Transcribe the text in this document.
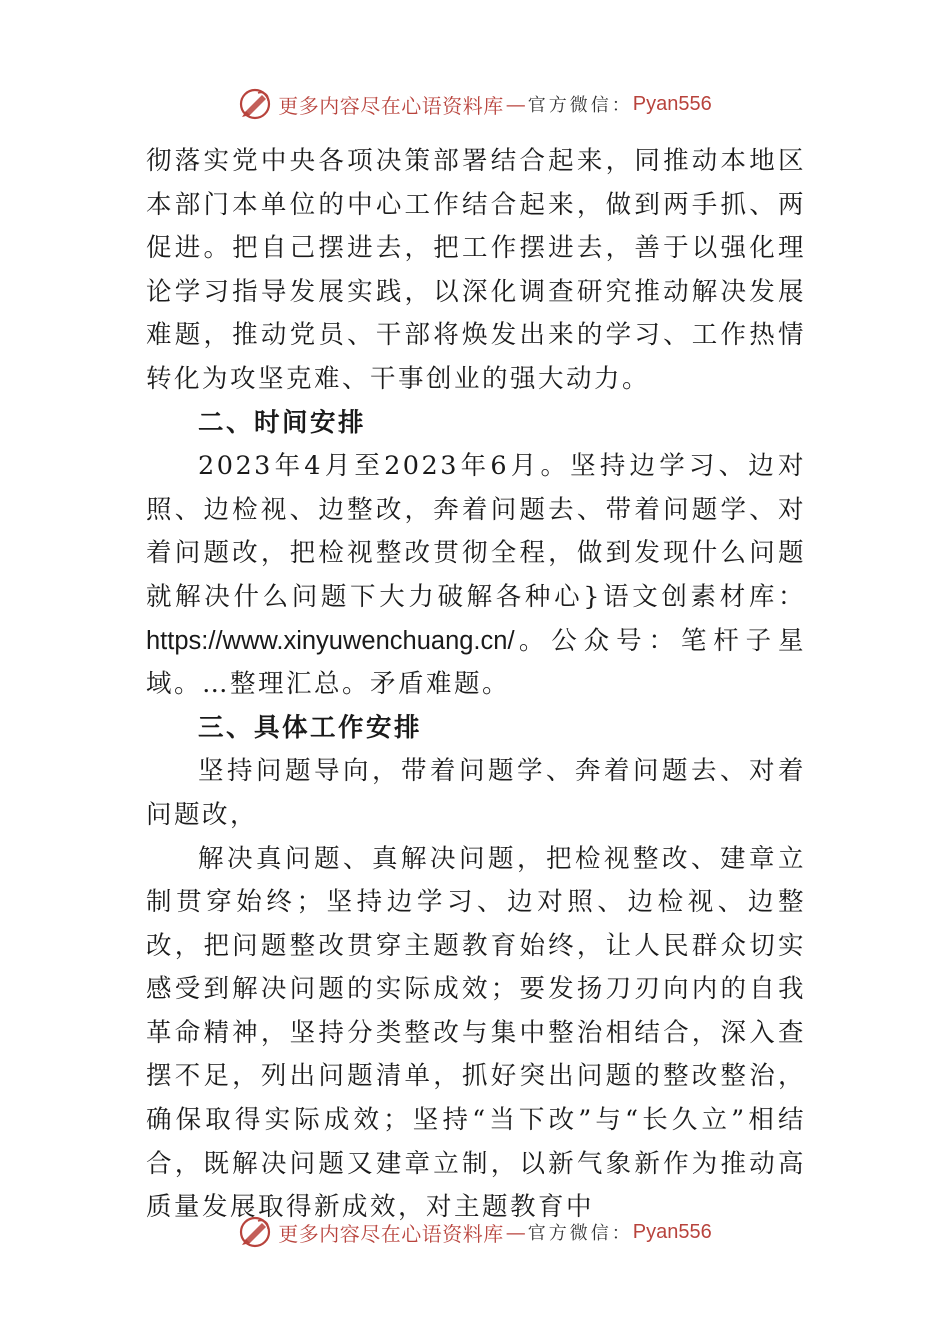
更多内容尽在心语资料库 — 官方微信： Pyan556

彻落实党中央各项决策部署结合起来，同推动本地区本部门本单位的中心工作结合起来，做到两手抓、两促进。把自己摆进去，把工作摆进去，善于以强化理论学习指导发展实践，以深化调查研究推动解决发展难题，推动党员、干部将焕发出来的学习、工作热情转化为攻坚克难、干事创业的强大动力。

二、时间安排

2023年4月至2023年6月。坚持边学习、边对照、边检视、边整改，奔着问题去、带着问题学、对着问题改，把检视整改贯彻全程，做到发现什么问题就解决什么问题下大力破解各种心}语文创素材库：https://www.xinyuwenchuang.cn/。公众号：笔杆子星域。…整理汇总。矛盾难题。

三、具体工作安排

坚持问题导向，带着问题学、奔着问题去、对着问题改，

解决真问题、真解决问题，把检视整改、建章立制贯穿始终；坚持边学习、边对照、边检视、边整改，把问题整改贯穿主题教育始终，让人民群众切实感受到解决问题的实际成效；要发扬刀刃向内的自我革命精神，坚持分类整改与集中整治相结合，深入查摆不足，列出问题清单，抓好突出问题的整改整治，确保取得实际成效；坚持“当下改”与“长久立”相结合，既解决问题又建章立制，以新气象新作为推动高质量发展取得新成效，对主题教育中

更多内容尽在心语资料库 — 官方微信： Pyan556
